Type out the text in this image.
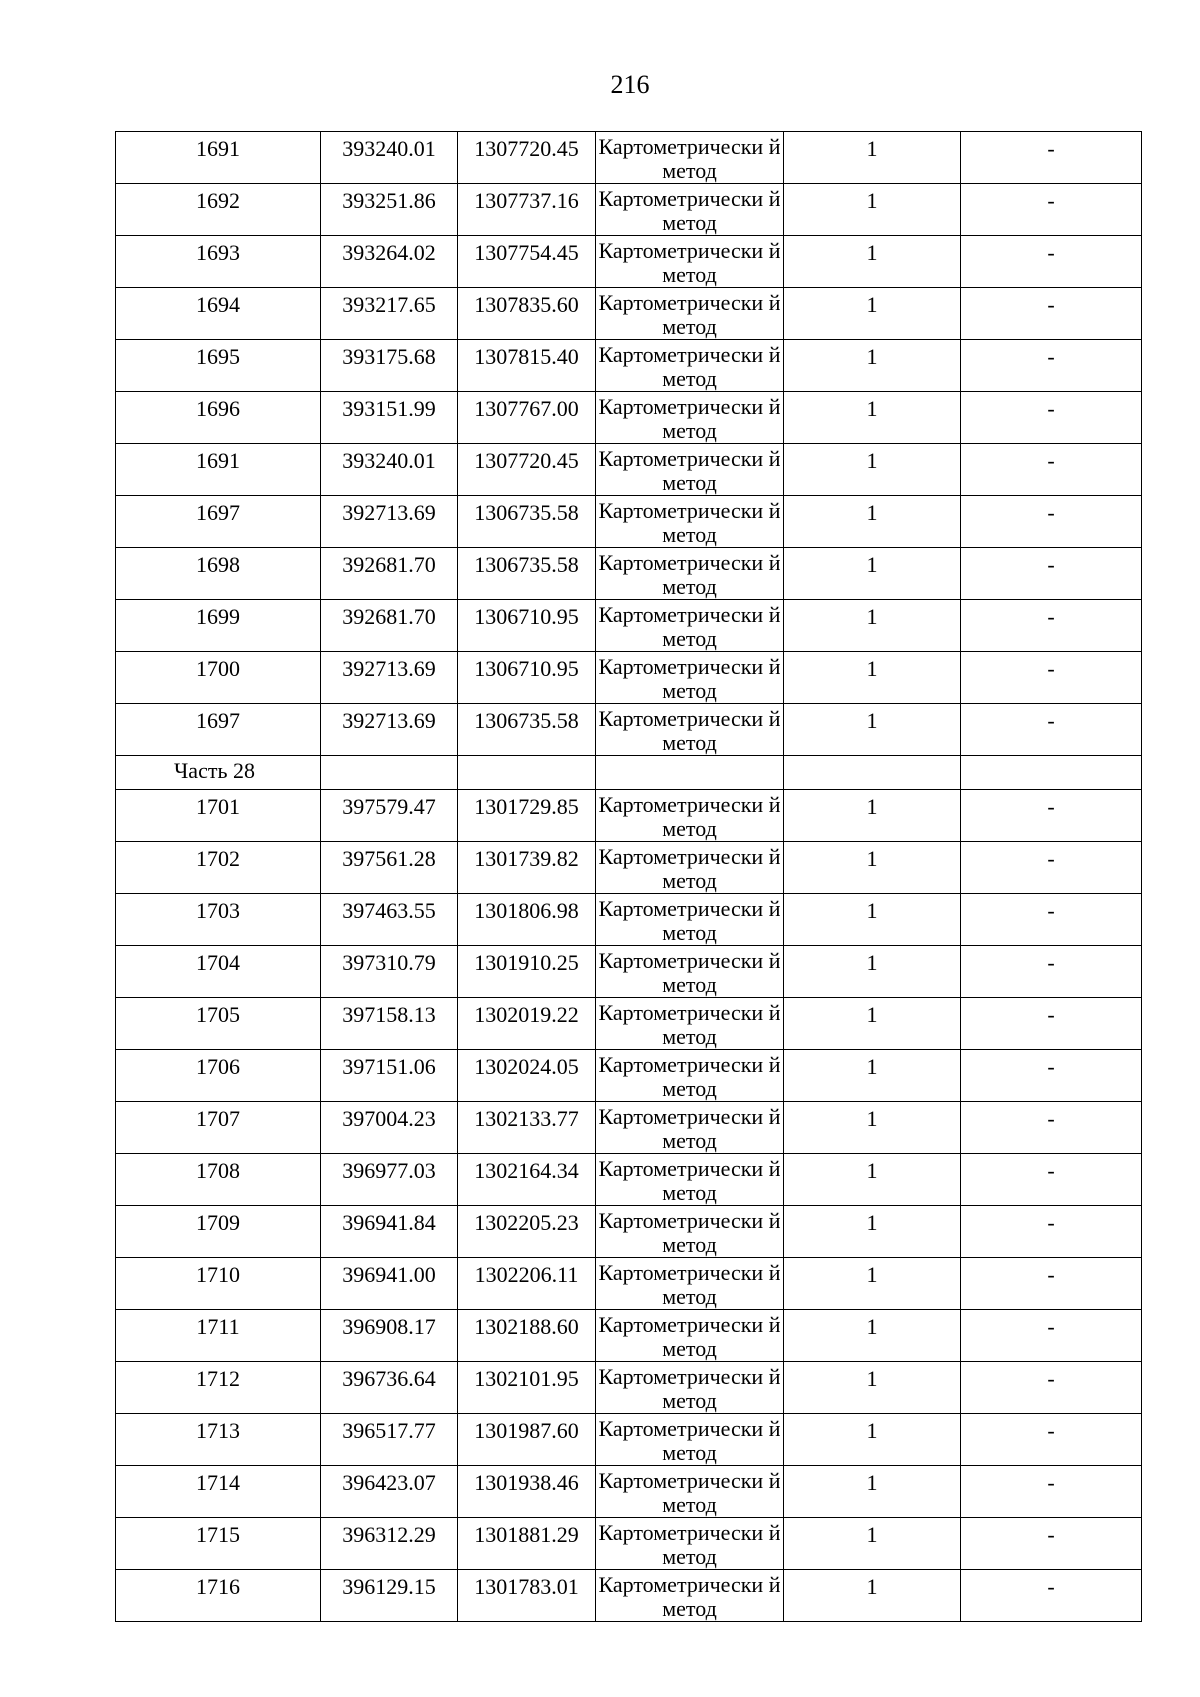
216
1691	393240.01	1307720.45	Картометрически й метод	1	-

1692	393251.86	1307737.16	Картометрически й метод	1	-

1693	393264.02	1307754.45	Картометрически й метод	1	-

1694	393217.65	1307835.60	Картометрически й метод	1	-

1695	393175.68	1307815.40	Картометрически й метод	1	-

1696	393151.99	1307767.00	Картометрически й метод	1	-

1691	393240.01	1307720.45	Картометрически й метод	1	-

1697	392713.69	1306735.58	Картометрически й метод	1	-

1698	392681.70	1306735.58	Картометрически й метод	1	-

1699	392681.70	1306710.95	Картометрически й метод	1	-

1700	392713.69	1306710.95	Картометрически й метод	1	-

1697	392713.69	1306735.58	Картометрически й метод	1	-

Часть 28					

1701	397579.47	1301729.85	Картометрически й метод	1	-

1702	397561.28	1301739.82	Картометрически й метод	1	-

1703	397463.55	1301806.98	Картометрически й метод	1	-

1704	397310.79	1301910.25	Картометрически й метод	1	-

1705	397158.13	1302019.22	Картометрически й метод	1	-

1706	397151.06	1302024.05	Картометрически й метод	1	-

1707	397004.23	1302133.77	Картометрически й метод	1	-

1708	396977.03	1302164.34	Картометрически й метод	1	-

1709	396941.84	1302205.23	Картометрически й метод	1	-

1710	396941.00	1302206.11	Картометрически й метод	1	-

1711	396908.17	1302188.60	Картометрически й метод	1	-

1712	396736.64	1302101.95	Картометрически й метод	1	-

1713	396517.77	1301987.60	Картометрически й метод	1	-

1714	396423.07	1301938.46	Картометрически й метод	1	-

1715	396312.29	1301881.29	Картометрически й метод	1	-

1716	396129.15	1301783.01	Картометрически й метод	1	-
